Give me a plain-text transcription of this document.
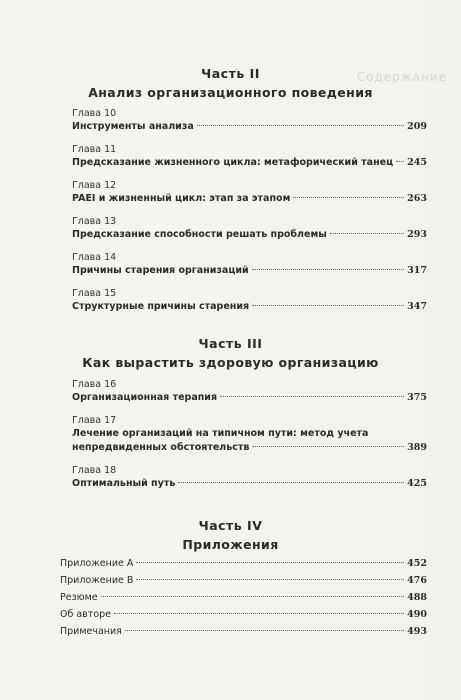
Содержание
Часть II
Анализ организационного поведения
Глава 10
Инструменты анализа	209
Глава 11
Предсказание жизненного цикла: метафорический танец 245
Глава 12
PAEI и жизненный цикл: этап за этапом	263
Глава 13
Предсказание способности решать проблемы	293
Глава 14
Причины старения организаций	317
Глава 15
Структурные причины старения	347
Часть III
Как вырастить здоровую организацию
Глава 16
Организационная терапия	375
Глава 17
Лечение организаций на типичном пути: метод учета
непредвиденных обстоятельств	389
Глава 18
Оптимальный путь	425
Часть IV
Приложения
Приложение А	452
Приложение В	476
Резюме	488
Об авторе	490
Примечания	493
